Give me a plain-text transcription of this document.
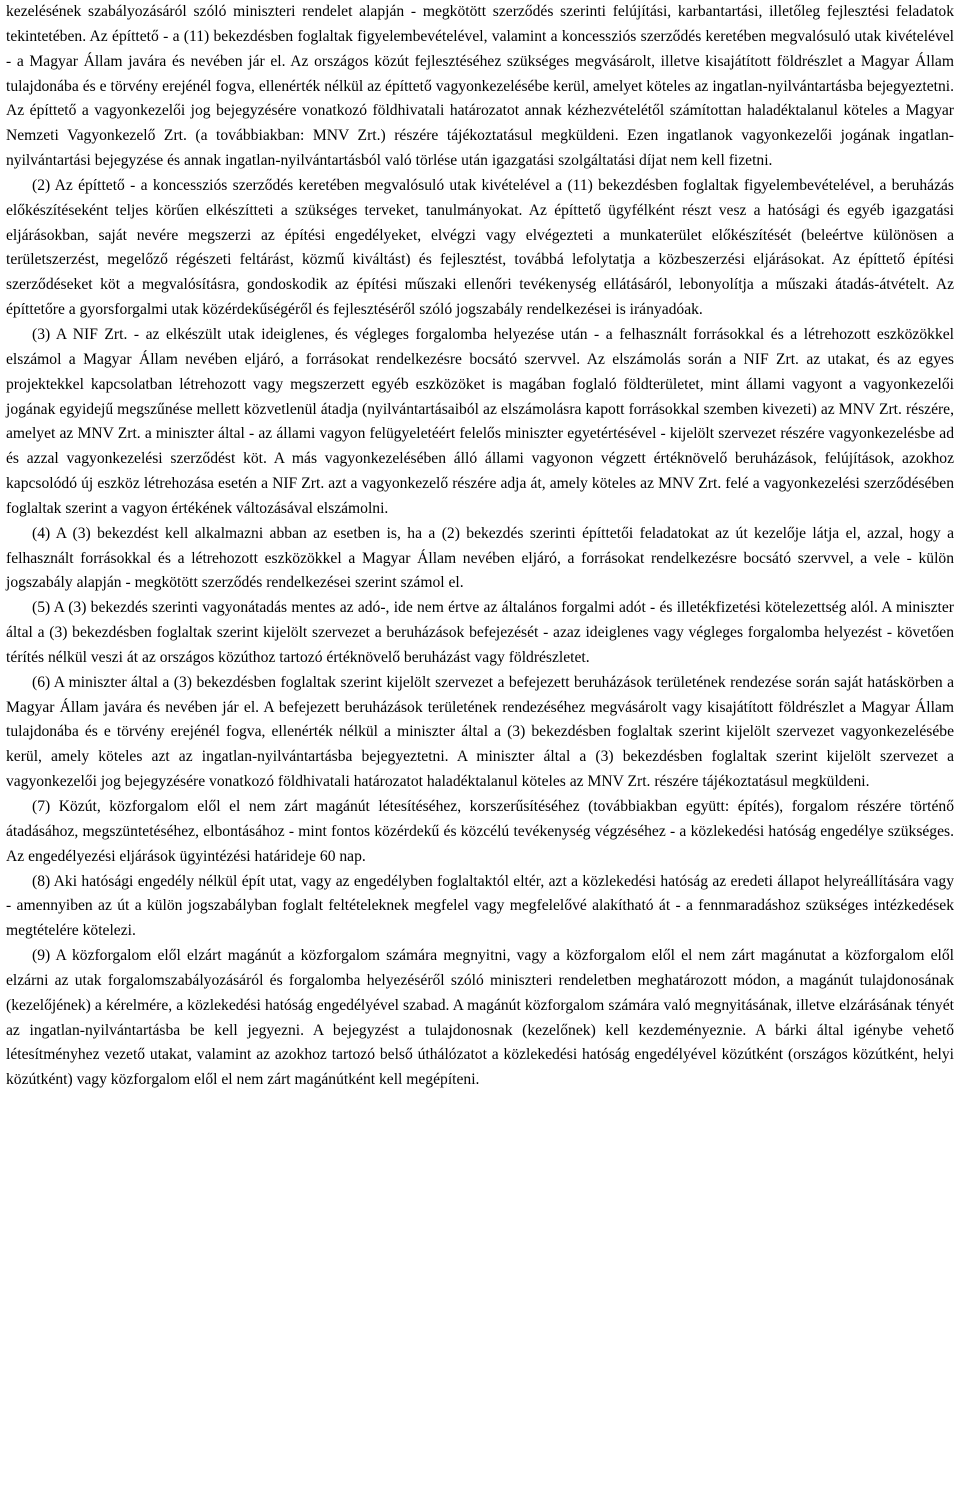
kezelésének szabályozásáról szóló miniszteri rendelet alapján - megkötött szerződés szerinti felújítási, karbantartási, illetőleg fejlesztési feladatok tekintetében. Az építtető - a (11) bekezdésben foglaltak figyelembevételével, valamint a koncessziós szerződés keretében megvalósuló utak kivételével - a Magyar Állam javára és nevében jár el. Az országos közút fejlesztéséhez szükséges megvásárolt, illetve kisajátított földrészlet a Magyar Állam tulajdonába és e törvény erejénél fogva, ellenérték nélkül az építtető vagyonkezelésébe kerül, amelyet köteles az ingatlan-nyilvántartásba bejegyeztetni. Az építtető a vagyonkezelői jog bejegyzésére vonatkozó földhivatali határozatot annak kézhezvételétől számítottan haladéktalanul köteles a Magyar Nemzeti Vagyonkezelő Zrt. (a továbbiakban: MNV Zrt.) részére tájékoztatásul megküldeni. Ezen ingatlanok vagyonkezelői jogának ingatlan-nyilvántartási bejegyzése és annak ingatlan-nyilvántartásból való törlése után igazgatási szolgáltatási díjat nem kell fizetni.

(2) Az építtető - a koncessziós szerződés keretében megvalósuló utak kivételével a (11) bekezdésben foglaltak figyelembevételével, a beruházás előkészítéseként teljes körűen elkészítteti a szükséges terveket, tanulmányokat. Az építtető ügyfélként részt vesz a hatósági és egyéb igazgatási eljárásokban, saját nevére megszerzi az építési engedélyeket, elvégzi vagy elvégezteti a munkaterület előkészítését (beleértve különösen a területszerzést, megelőző régészeti feltárást, közmű kiváltást) és fejlesztést, továbbá lefolytatja a közbeszerzési eljárásokat. Az építtető építési szerződéseket köt a megvalósításra, gondoskodik az építési műszaki ellenőri tevékenység ellátásáról, lebonyolítja a műszaki átadás-átvételt. Az építtetőre a gyorsforgalmi utak közérdekűségéről és fejlesztéséről szóló jogszabály rendelkezései is irányadóak.

(3) A NIF Zrt. - az elkészült utak ideiglenes, és végleges forgalomba helyezése után - a felhasznált forrásokkal és a létrehozott eszközökkel elszámol a Magyar Állam nevében eljáró, a forrásokat rendelkezésre bocsátó szervvel. Az elszámolás során a NIF Zrt. az utakat, és az egyes projektekkel kapcsolatban létrehozott vagy megszerzett egyéb eszközöket is magában foglaló földterületet, mint állami vagyont a vagyonkezelői jogának egyidejű megszűnése mellett közvetlenül átadja (nyilvántartásaiból az elszámolásra kapott forrásokkal szemben kivezeti) az MNV Zrt. részére, amelyet az MNV Zrt. a miniszter által - az állami vagyon felügyeletéért felelős miniszter egyetértésével - kijelölt szervezet részére vagyonkezelésbe ad és azzal vagyonkezelési szerződést köt. A más vagyonkezelésében álló állami vagyonon végzett értéknövelő beruházások, felújítások, azokhoz kapcsolódó új eszköz létrehozása esetén a NIF Zrt. azt a vagyonkezelő részére adja át, amely köteles az MNV Zrt. felé a vagyonkezelési szerződésében foglaltak szerint a vagyon értékének változásával elszámolni.

(4) A (3) bekezdést kell alkalmazni abban az esetben is, ha a (2) bekezdés szerinti építtetői feladatokat az út kezelője látja el, azzal, hogy a felhasznált forrásokkal és a létrehozott eszközökkel a Magyar Állam nevében eljáró, a forrásokat rendelkezésre bocsátó szervvel, a vele - külön jogszabály alapján - megkötött szerződés rendelkezései szerint számol el.

(5) A (3) bekezdés szerinti vagyonátadás mentes az adó-, ide nem értve az általános forgalmi adót - és illetékfizetési kötelezettség alól. A miniszter által a (3) bekezdésben foglaltak szerint kijelölt szervezet a beruházások befejezését - azaz ideiglenes vagy végleges forgalomba helyezést - követően térítés nélkül veszi át az országos közúthoz tartozó értéknövelő beruházást vagy földrészletet.

(6) A miniszter által a (3) bekezdésben foglaltak szerint kijelölt szervezet a befejezett beruházások területének rendezése során saját hatáskörben a Magyar Állam javára és nevében jár el. A befejezett beruházások területének rendezéséhez megvásárolt vagy kisajátított földrészlet a Magyar Állam tulajdonába és e törvény erejénél fogva, ellenérték nélkül a miniszter által a (3) bekezdésben foglaltak szerint kijelölt szervezet vagyonkezelésébe kerül, amely köteles azt az ingatlan-nyilvántartásba bejegyeztetni. A miniszter által a (3) bekezdésben foglaltak szerint kijelölt szervezet a vagyonkezelői jog bejegyzésére vonatkozó földhivatali határozatot haladéktalanul köteles az MNV Zrt. részére tájékoztatásul megküldeni.

(7) Közút, közforgalom elől el nem zárt magánút létesítéséhez, korszerűsítéséhez (továbbiakban együtt: építés), forgalom részére történő átadásához, megszüntetéséhez, elbontásához - mint fontos közérdekű és közcélú tevékenység végzéséhez - a közlekedési hatóság engedélye szükséges. Az engedélyezési eljárások ügyintézési határideje 60 nap.

(8) Aki hatósági engedély nélkül épít utat, vagy az engedélyben foglaltaktól eltér, azt a közlekedési hatóság az eredeti állapot helyreállítására vagy - amennyiben az út a külön jogszabályban foglalt feltételeknek megfelel vagy megfelelővé alakítható át - a fennmaradáshoz szükséges intézkedések megtételére kötelezi.

(9) A közforgalom elől elzárt magánút a közforgalom számára megnyitni, vagy a közforgalom elől el nem zárt magánutat a közforgalom elől elzárni az utak forgalomszabályozásáról és forgalomba helyezéséről szóló miniszteri rendeletben meghatározott módon, a magánút tulajdonosának (kezelőjének) a kérelmére, a közlekedési hatóság engedélyével szabad. A magánút közforgalom számára való megnyitásának, illetve elzárásának tényét az ingatlan-nyilvántartásba be kell jegyezni. A bejegyzést a tulajdonosnak (kezelőnek) kell kezdeményeznie. A bárki által igénybe vehető létesítményhez vezető utakat, valamint az azokhoz tartozó belső úthálózatot a közlekedési hatóság engedélyével közútként (országos közútként, helyi közútként) vagy közforgalom elől el nem zárt magánútként kell megépíteni.
